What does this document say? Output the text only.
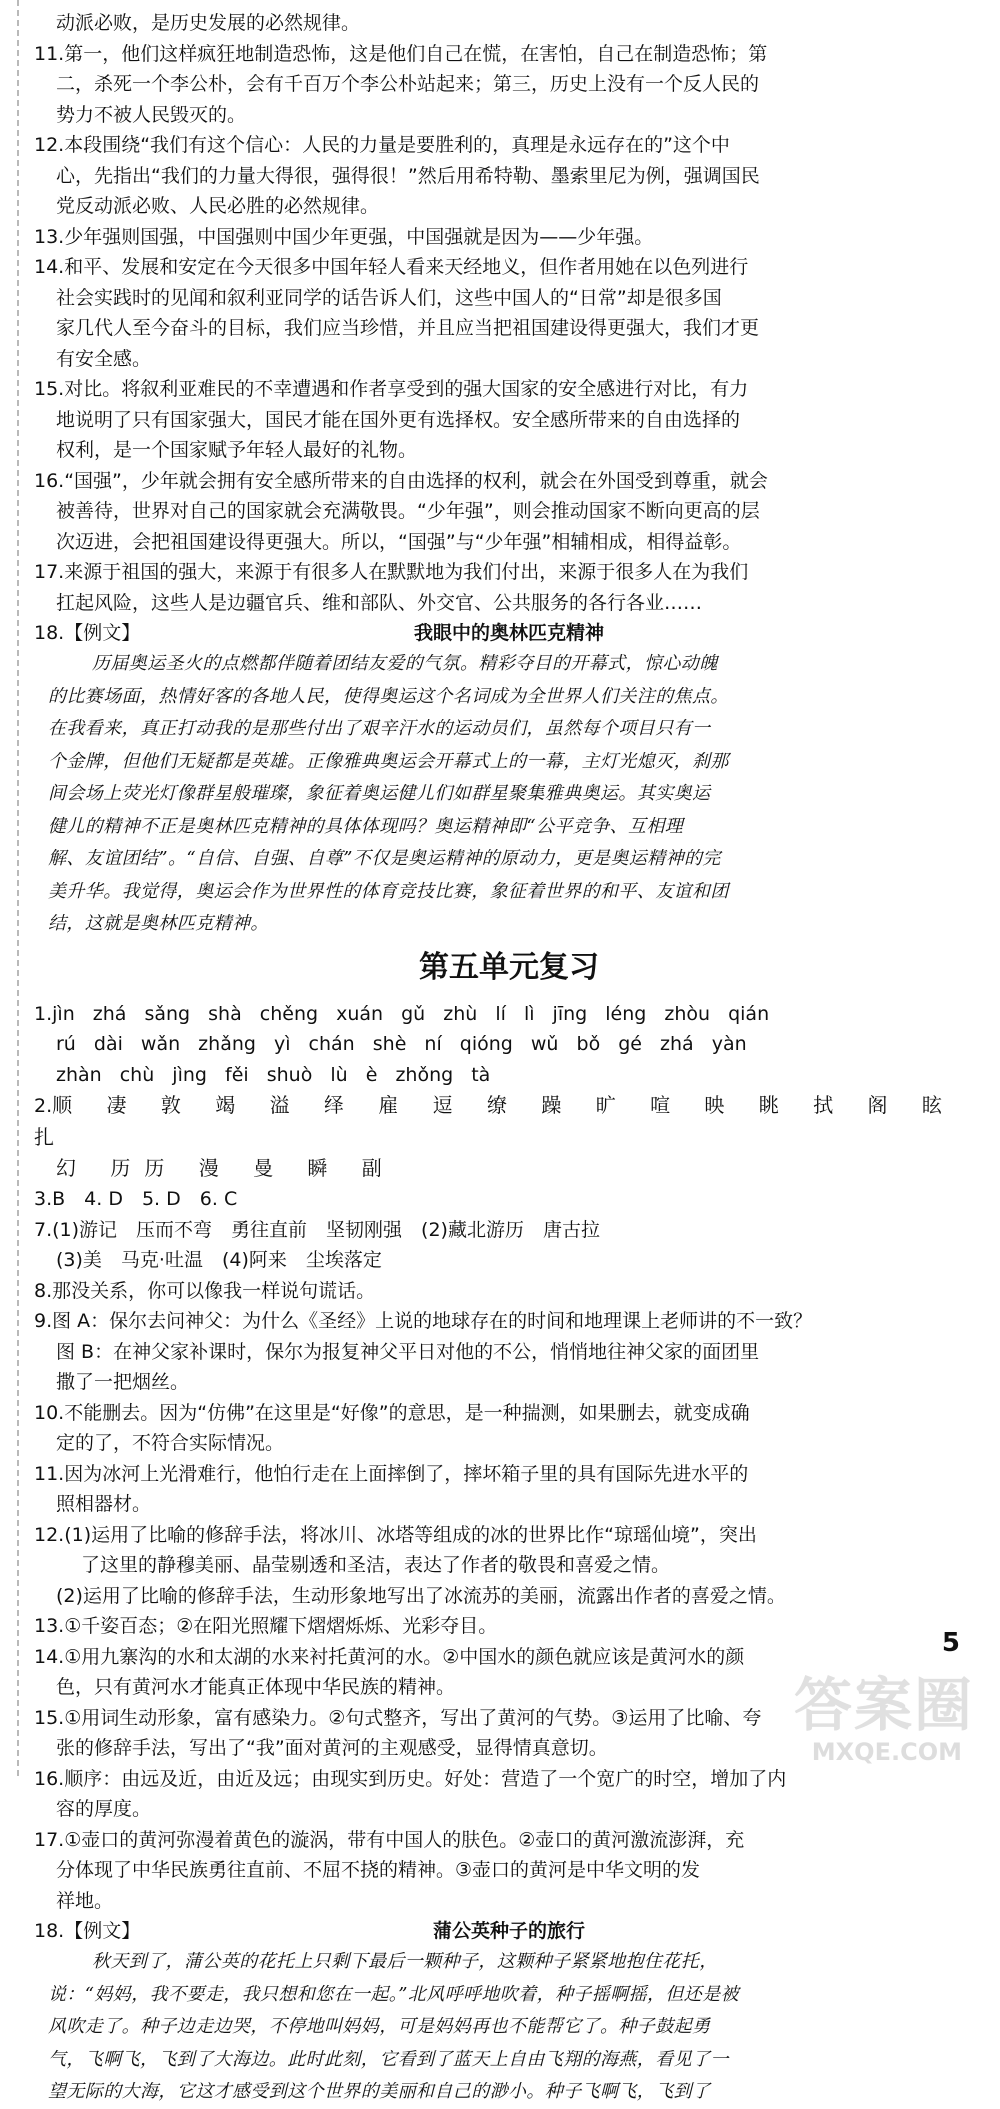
动派必败，是历史发展的必然规律。
11.第一，他们这样疯狂地制造恐怖，这是他们自己在慌，在害怕，自己在制造恐怖；第
二，杀死一个李公朴，会有千百万个李公朴站起来；第三，历史上没有一个反人民的
势力不被人民毁灭的。
12.本段围绕“我们有这个信心：人民的力量是要胜利的，真理是永远存在的”这个中
心，先指出“我们的力量大得很，强得很！”然后用希特勒、墨索里尼为例，强调国民
党反动派必败、人民必胜的必然规律。
13.少年强则国强，中国强则中国少年更强，中国强就是因为——少年强。
14.和平、发展和安定在今天很多中国年轻人看来天经地义，但作者用她在以色列进行
社会实践时的见闻和叙利亚同学的话告诉人们，这些中国人的“日常”却是很多国
家几代人至今奋斗的目标，我们应当珍惜，并且应当把祖国建设得更强大，我们才更
有安全感。
15.对比。将叙利亚难民的不幸遭遇和作者享受到的强大国家的安全感进行对比，有力
地说明了只有国家强大，国民才能在国外更有选择权。安全感所带来的自由选择的
权利，是一个国家赋予年轻人最好的礼物。
16.“国强”，少年就会拥有安全感所带来的自由选择的权利，就会在外国受到尊重，就会
被善待，世界对自己的国家就会充满敬畏。“少年强”，则会推动国家不断向更高的层
次迈进，会把祖国建设得更强大。所以，“国强”与“少年强”相辅相成，相得益彰。
17.来源于祖国的强大，来源于有很多人在默默地为我们付出，来源于很多人在为我们
扛起风险，这些人是边疆官兵、维和部队、外交官、公共服务的各行各业……
18.【例文】	我眼中的奥林匹克精神
历届奥运圣火的点燃都伴随着团结友爱的气氛。精彩夺目的开幕式，惊心动魄
的比赛场面，热情好客的各地人民，使得奥运这个名词成为全世界人们关注的焦点。
在我看来，真正打动我的是那些付出了艰辛汗水的运动员们，虽然每个项目只有一
个金牌，但他们无疑都是英雄。正像雅典奥运会开幕式上的一幕，主灯光熄灭，刹那
间会场上荧光灯像群星般璀璨，象征着奥运健儿们如群星聚集雅典奥运。其实奥运
健儿的精神不正是奥林匹克精神的具体体现吗？奥运精神即“公平竞争、互相理
解、友谊团结”。“自信、自强、自尊”不仅是奥运精神的原动力，更是奥运精神的完
美升华。我觉得，奥运会作为世界性的体育竞技比赛，象征着世界的和平、友谊和团
结，这就是奥林匹克精神。
第五单元复习
1.jìn zhá sǎng shà chěng xuán gǔ zhù lí lì jīng léng zhòu qián
rú dài wǎn zhǎng yì chán shè ní qióng wǔ bǒ gé zhá yàn
zhàn chù jìng fěi shuò lù è zhǒng tà
2.顺 凄 敦 竭 溢 绎 雇 逗 缭 躁 旷 喧 映 眺 拭 阁 眩 扎
幻 历历 漫 曼 瞬 副
3.B　4. D　5. D　6. C
7.(1)游记　压而不弯　勇往直前　坚韧刚强　(2)藏北游历　唐古拉
(3)美　马克·吐温　(4)阿来　尘埃落定
8.那没关系，你可以像我一样说句谎话。
9.图 A：保尔去问神父：为什么《圣经》上说的地球存在的时间和地理课上老师讲的不一致？
图 B：在神父家补课时，保尔为报复神父平日对他的不公，悄悄地往神父家的面团里
撒了一把烟丝。
10.不能删去。因为“仿佛”在这里是“好像”的意思，是一种揣测，如果删去，就变成确
定的了，不符合实际情况。
11.因为冰河上光滑难行，他怕行走在上面摔倒了，摔坏箱子里的具有国际先进水平的
照相器材。
12.(1)运用了比喻的修辞手法，将冰川、冰塔等组成的冰的世界比作“琼瑶仙境”，突出
　 了这里的静穆美丽、晶莹剔透和圣洁，表达了作者的敬畏和喜爱之情。
(2)运用了比喻的修辞手法，生动形象地写出了冰流苏的美丽，流露出作者的喜爱之情。
13.①千姿百态；②在阳光照耀下熠熠烁烁、光彩夺目。
14.①用九寨沟的水和太湖的水来衬托黄河的水。②中国水的颜色就应该是黄河水的颜
色，只有黄河水才能真正体现中华民族的精神。
15.①用词生动形象，富有感染力。②句式整齐，写出了黄河的气势。③运用了比喻、夸
张的修辞手法，写出了“我”面对黄河的主观感受，显得情真意切。
16.顺序：由远及近，由近及远；由现实到历史。好处：营造了一个宽广的时空，增加了内
容的厚度。
17.①壶口的黄河弥漫着黄色的漩涡，带有中国人的肤色。②壶口的黄河激流澎湃，充
分体现了中华民族勇往直前、不屈不挠的精神。③壶口的黄河是中华文明的发
祥地。
18.【例文】	蒲公英种子的旅行
秋天到了，蒲公英的花托上只剩下最后一颗种子，这颗种子紧紧地抱住花托，
说：“妈妈，我不要走，我只想和您在一起。”北风呼呼地吹着，种子摇啊摇，但还是被
风吹走了。种子边走边哭，不停地叫妈妈，可是妈妈再也不能帮它了。种子鼓起勇
气，飞啊飞，飞到了大海边。此时此刻，它看到了蓝天上自由飞翔的海燕，看见了一
望无际的大海，它这才感受到这个世界的美丽和自己的渺小。种子飞啊飞，飞到了
5
答案圈
MXQE.COM
